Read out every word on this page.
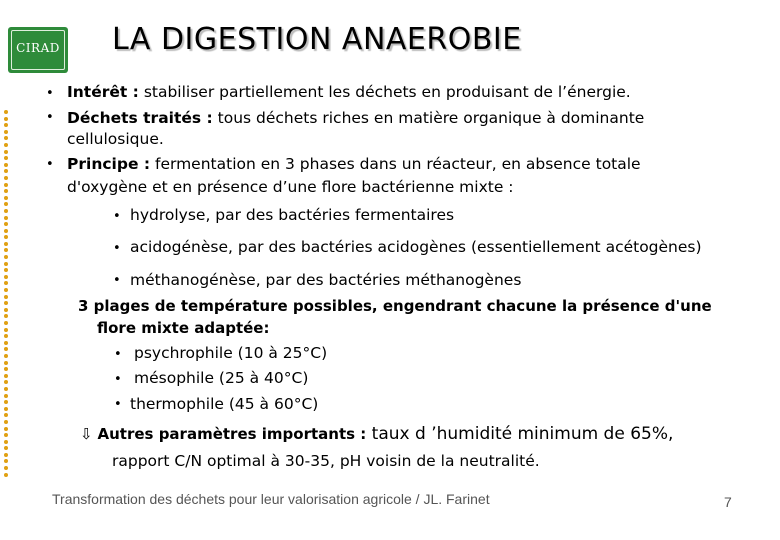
CIRAD LA DIGESTION ANAEROBIE
• Intérêt : stabiliser partiellement les déchets en produisant de l’énergie.
• Déchets traités : tous déchets riches en matière organique à dominante
cellulosique.
• Principe : fermentation en 3 phases dans un réacteur, en absence totale
d'oxygène et en présence d’une flore bactérienne mixte :
• hydrolyse, par des bactéries fermentaires
• acidogénèse, par des bactéries acidogènes (essentiellement acétogènes)
• méthanogénèse, par des bactéries méthanogènes
3 plages de température possibles, engendrant chacune la présence d'une
flore mixte adaptée:
• psychrophile (10 à 25°C)
• mésophile (25 à 40°C)
• thermophile (45 à 60°C)
⇩ Autres paramètres importants : taux d ’humidité minimum de 65%,
rapport C/N optimal à 30-35, pH voisin de la neutralité.
Transformation des déchets pour leur valorisation agricole / JL. Farinet	7
